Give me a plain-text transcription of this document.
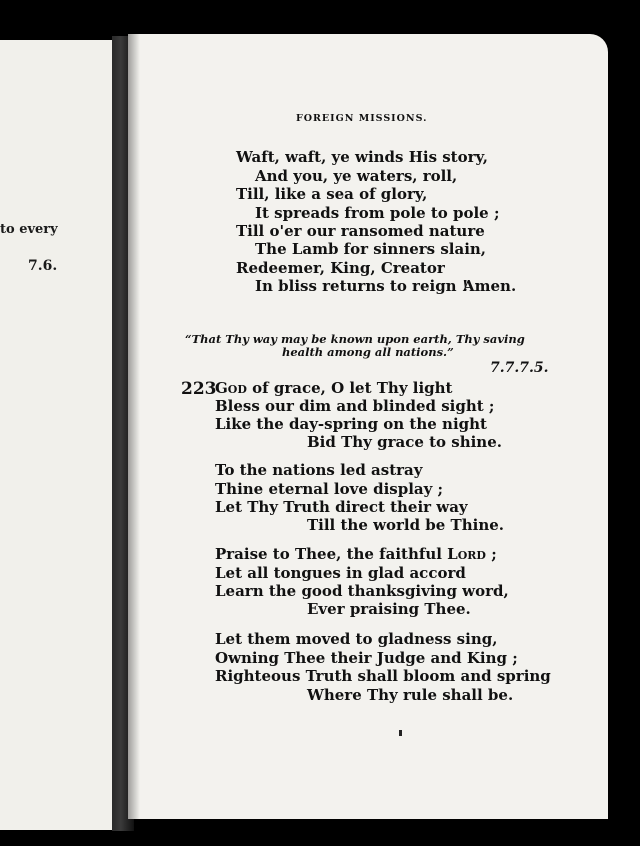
to every
7.6.
FOREIGN MISSIONS.
Waft, waft, ye winds His story,
And you, ye waters, roll,
Till, like a sea of glory,
It spreads from pole to pole ;
Till o'er our ransomed nature
The Lamb for sinners slain,
Redeemer, King, Creator
In bliss returns to reign !
Amen.
“That Thy way may be known upon earth, Thy saving
health among all nations.”
7.7.7.5.
223
God of grace, O let Thy light
Bless our dim and blinded sight ;
Like the day-spring on the night
Bid Thy grace to shine.
To the nations led astray
Thine eternal love display ;
Let Thy Truth direct their way
Till the world be Thine.
Praise to Thee, the faithful Lord ;
Let all tongues in glad accord
Learn the good thanksgiving word,
Ever praising Thee.
Let them moved to gladness sing,
Owning Thee their Judge and King ;
Righteous Truth shall bloom and spring
Where Thy rule shall be.
